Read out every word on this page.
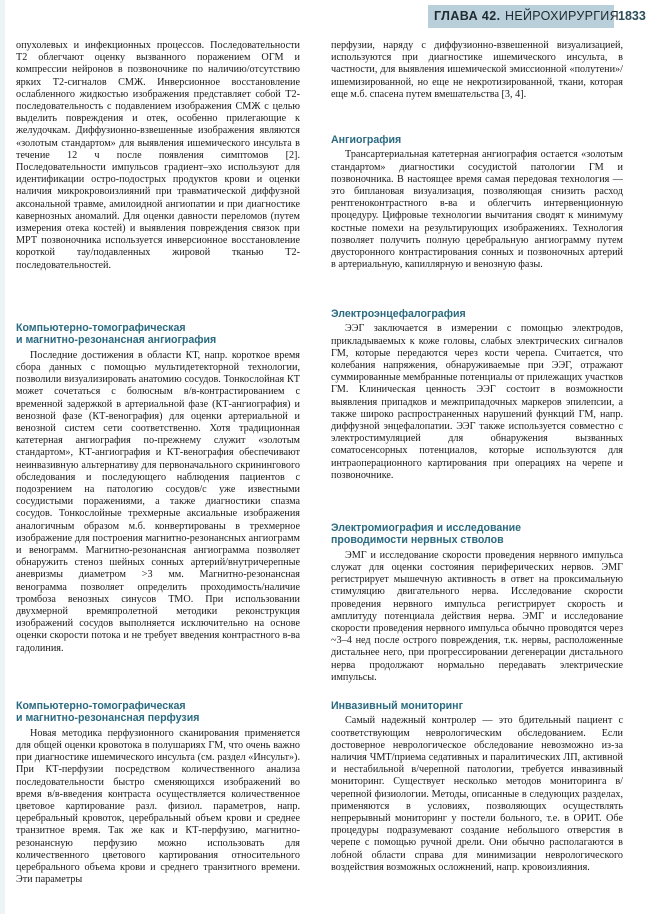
ГЛАВА 42. НЕЙРОХИРУРГИЯ 1833

опухолевых и инфекционных процессов. Последовательности T2 облегчают оценку вызванного поражением ОГМ и компрессии нейронов в позвоночнике по наличию/отсутствию ярких T2-сигналов СМЖ. Инверсионное восстановление ослабленного жидкостью изображения представляет собой T2-последовательность с подавлением изображения СМЖ с целью выделить повреждения и отек, особенно прилегающие к желудочкам. Диффузионно-взвешенные изображения являются «золотым стандартом» для выявления ишемического инсульта в течение 12 ч после появления симптомов [2]. Последовательности импульсов градиент–эхо используют для идентификации остро-подострых продуктов крови и оценки наличия микрокровоизлияний при травматической диффузной аксональной травме, амилоидной ангиопатии и при диагностике кавернозных аномалий. Для оценки давности переломов (путем измерения отека костей) и выявления повреждения связок при МРТ позвоночника используется инверсионное восстановление короткой тау/подавленных жировой тканью T2-последовательностей.

Компьютерно-томографическая
и магнитно-резонансная ангиография

Последние достижения в области КТ, напр. короткое время сбора данных с помощью мультидетекторной технологии, позволили визуализировать анатомию сосудов. Тонкослойная КТ может сочетаться с болюсным в/в-контрастированием с временной задержкой в артериальной фазе (КТ-ангиография) и венозной фазе (КТ-венография) для оценки артериальной и венозной систем сети соответственно. Хотя традиционная катетерная ангиография по-прежнему служит «золотым стандартом», КТ-ангиография и КТ-венография обеспечивают неинвазивную альтернативу для первоначального скринингового обследования и последующего наблюдения пациентов с подозрением на патологию сосудов/с уже известными сосудистыми поражениями, а также диагностики спазма сосудов. Тонкослойные трехмерные аксиальные изображения аналогичным образом м.б. конвертированы в трехмерное изображение для построения магнитно-резонансных ангиограмм и венограмм. Магнитно-резонансная ангиограмма позволяет обнаружить стеноз шейных сонных артерий/внутричерепные аневризмы диаметром >3 мм. Магнитно-резонансная венограмма позволяет определить проходимость/наличие тромбоза венозных синусов ТМО. При использовании двухмерной времяпролетной методики реконструкция изображений сосудов выполняется исключительно на основе оценки скорости потока и не требует введения контрастного в-ва гадолиния.

Компьютерно-томографическая
и магнитно-резонансная перфузия

Новая методика перфузионного сканирования применяется для общей оценки кровотока в полушариях ГМ, что очень важно при диагностике ишемического инсульта (см. раздел «Инсульт»). При КТ-перфузии посредством количественного анализа последовательности быстро сменяющихся изображений во время в/в-введения контраста осуществляется количественное цветовое картирование разл. физиол. параметров, напр. церебральный кровоток, церебральный объем крови и среднее транзитное время. Так же как и КТ-перфузию, магнитно-резонансную перфузию можно использовать для количественного цветового картирования относительного церебрального объема крови и среднего транзитного времени. Эти параметры

перфузии, наряду с диффузионно-взвешенной визуализацией, используются при диагностике ишемического инсульта, в частности, для выявления ишемической эмиссионной «полутени»/ишемизированной, но еще не некротизированной, ткани, которая еще м.б. спасена путем вмешательства [3, 4].

Ангиография

Трансартериальная катетерная ангиография остается «золотым стандартом» диагностики сосудистой патологии ГМ и позвоночника. В настоящее время самая передовая технология — это биплановая визуализация, позволяющая снизить расход рентгеноконтрастного в-ва и облегчить интервенционную процедуру. Цифровые технологии вычитания сводят к минимуму костные помехи на результирующих изображениях. Технология позволяет получить полную церебральную ангиограмму путем двусторонного контрастирования сонных и позвоночных артерий в артериальную, капиллярную и венозную фазы.

Электроэнцефалография

ЭЭГ заключается в измерении с помощью электродов, прикладываемых к коже головы, слабых электрических сигналов ГМ, которые передаются через кости черепа. Считается, что колебания напряжения, обнаруживаемые при ЭЭГ, отражают суммированные мембранные потенциалы от прилежащих участков ГМ. Клиническая ценность ЭЭГ состоит в возможности выявления припадков и межприпадочных маркеров эпилепсии, а также широко распространенных нарушений функций ГМ, напр. диффузной энцефалопатии. ЭЭГ также используется совместно с электростимуляцией для обнаружения вызванных соматосенсорных потенциалов, которые используются для интраоперационного картирования при операциях на черепе и позвоночнике.

Электромиография и исследование
проводимости нервных стволов

ЭМГ и исследование скорости проведения нервного импульса служат для оценки состояния периферических нервов. ЭМГ регистрирует мышечную активность в ответ на проксимальную стимуляцию двигательного нерва. Исследование скорости проведения нервного импульса регистрирует скорость и амплитуду потенциала действия нерва. ЭМГ и исследование скорости проведения нервного импульса обычно проводятся через ~3–4 нед после острого повреждения, т.к. нервы, расположенные дистальнее него, при прогрессировании дегенерации дистального нерва продолжают нормально передавать электрические импульсы.

Инвазивный мониторинг

Самый надежный контролер — это бдительный пациент с соответствующим неврологическим обследованием. Если достоверное неврологическое обследование невозможно из-за наличия ЧМТ/приема седативных и паралитических ЛП, активной и нестабильной в/черепной патологии, требуется инвазивный мониторинг. Существует несколько методов мониторинга в/черепной физиологии. Методы, описанные в следующих разделах, применяются в условиях, позволяющих осуществлять непрерывный мониторинг у постели больного, т.е. в ОРИТ. Обе процедуры подразумевают создание небольшого отверстия в черепе с помощью ручной дрели. Они обычно располагаются в лобной области справа для минимизации неврологического воздействия возможных осложнений, напр. кровоизлияния.
